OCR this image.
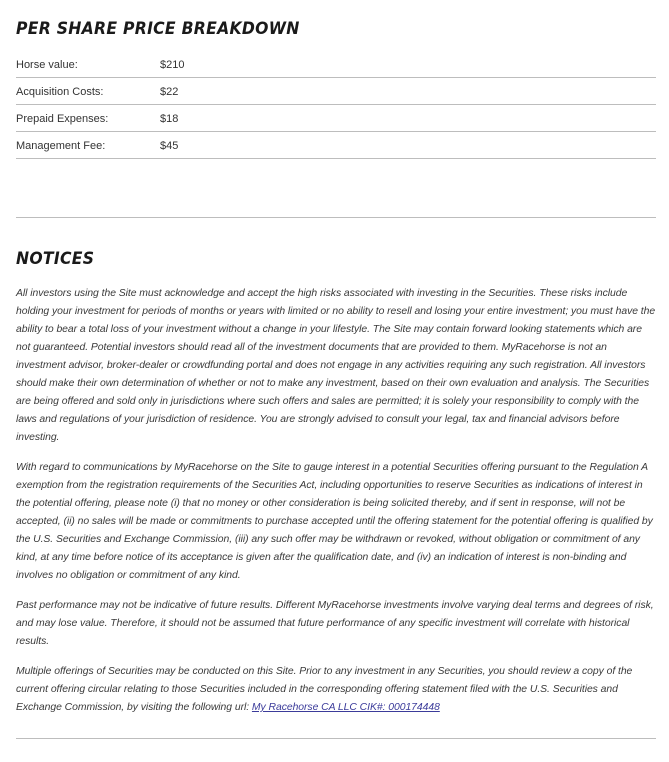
PER SHARE PRICE BREAKDOWN
Horse value:	$210
Acquisition Costs:	$22
Prepaid Expenses:	$18
Management Fee:	$45
NOTICES

All investors using the Site must acknowledge and accept the high risks associated with investing in the Securities. These risks include holding your investment for periods of months or years with limited or no ability to resell and losing your entire investment; you must have the ability to bear a total loss of your investment without a change in your lifestyle. The Site may contain forward looking statements which are not guaranteed. Potential investors should read all of the investment documents that are provided to them. MyRacehorse is not an investment advisor, broker-dealer or crowdfunding portal and does not engage in any activities requiring any such registration. All investors should make their own determination of whether or not to make any investment, based on their own evaluation and analysis. The Securities are being offered and sold only in jurisdictions where such offers and sales are permitted; it is solely your responsibility to comply with the laws and regulations of your jurisdiction of residence. You are strongly advised to consult your legal, tax and financial advisors before investing.

With regard to communications by MyRacehorse on the Site to gauge interest in a potential Securities offering pursuant to the Regulation A exemption from the registration requirements of the Securities Act, including opportunities to reserve Securities as indications of interest in the potential offering, please note (i) that no money or other consideration is being solicited thereby, and if sent in response, will not be accepted, (ii) no sales will be made or commitments to purchase accepted until the offering statement for the potential offering is qualified by the U.S. Securities and Exchange Commission, (iii) any such offer may be withdrawn or revoked, without obligation or commitment of any kind, at any time before notice of its acceptance is given after the qualification date, and (iv) an indication of interest is non-binding and involves no obligation or commitment of any kind.

Past performance may not be indicative of future results. Different MyRacehorse investments involve varying deal terms and degrees of risk, and may lose value. Therefore, it should not be assumed that future performance of any specific investment will correlate with historical results.

Multiple offerings of Securities may be conducted on this Site. Prior to any investment in any Securities, you should review a copy of the current offering circular relating to those Securities included in the corresponding offering statement filed with the U.S. Securities and Exchange Commission, by visiting the following url: My Racehorse CA LLC CIK#: 000174448
